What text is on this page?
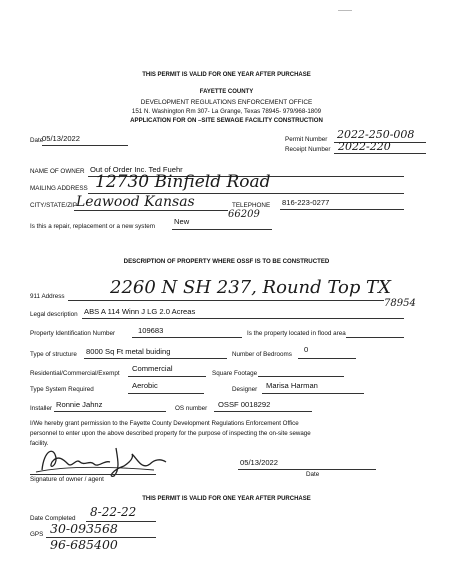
THIS PERMIT IS VALID FOR ONE YEAR AFTER PURCHASE
FAYETTE COUNTY
DEVELOPMENT REGULATIONS ENFORCEMENT OFFICE
151 N. Washington Rm 307- La Grange, Texas 78945- 979/968-1809
APPLICATION FOR ON –SITE SEWAGE FACILITY CONSTRUCTION
Date
05/13/2022	Permit Number 2022-250-008
Receipt Number 2022-220
NAME OF OWNER Out of Order Inc. Ted Fuehr
MAILING ADDRESS 12730 Binfield Road
CITY/STATE/ZIP Leawood Kansas
66209
TELEPHONE 816-223-0277
Is this a repair, replacement or a new system
New
DESCRIPTION OF PROPERTY WHERE OSSF IS TO BE CONSTRUCTED
911 Address	2260 N SH 237, Round Top TX
78954
Legal description ABS A 114 Winn J LG 2.0 Acreas
Property Identification Number	109683	Is the property located in flood area
Type of structure 8000 Sq Ft metal buiding	Number of Bedrooms
0
Residential/Commercial/Exempt
Commercial
Square Footage
Type System Required	Aerobic	Designer Marisa Harman
Installer Ronnie Jahnz	OS number OSSF 0018292
I/We hereby grant permission to the Fayette County Development Regulations Enforcement Office
personnel to enter upon the above described property for the purpose of inspecting the on-site sewage
facility.
Signature of owner / agent
05/13/2022
Date
THIS PERMIT IS VALID FOR ONE YEAR AFTER PURCHASE
Date Completed 8-22-22
GPS 30-093568
96-685400
